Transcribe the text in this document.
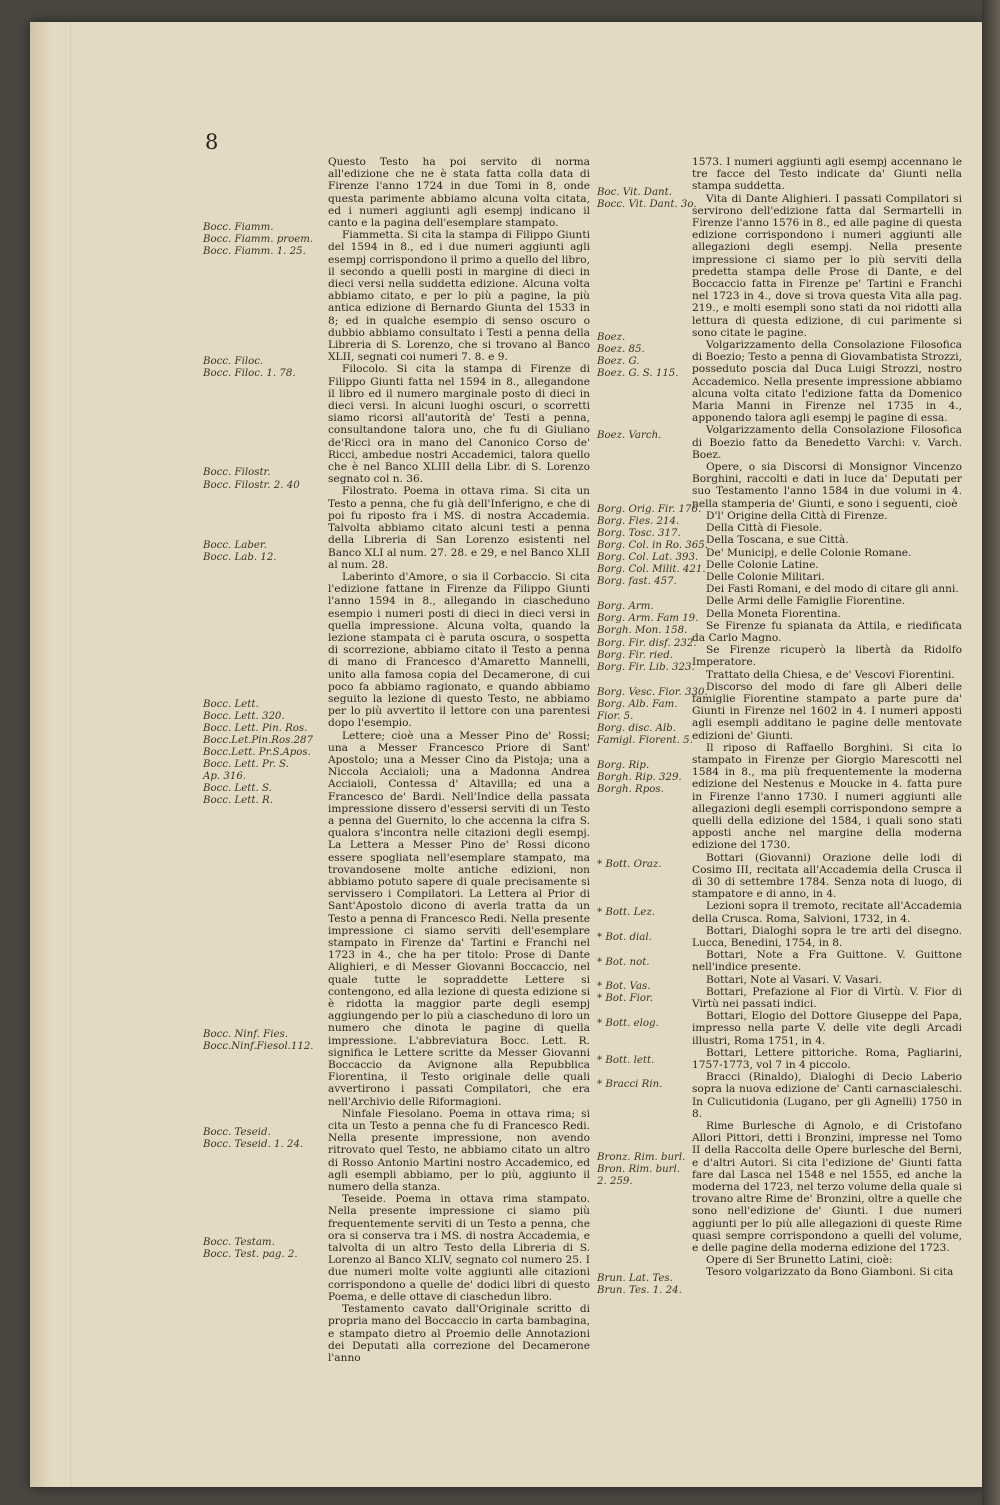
8
Bocc. Fiamm.
Bocc. Fiamm. proem.
Bocc. Fiamm. 1. 25.
Bocc. Filoc.
Bocc. Filoc. 1. 78.
Bocc. Filostr.
Bocc. Filostr. 2. 40
Bocc. Laber.
Bocc. Lab. 12.
Bocc. Lett.
Bocc. Lett. 320.
Bocc. Lett. Pin. Ros.
Bocc.Let.Pin.Ros.287
Bocc.Lett. Pr.S.Apos.
Bocc. Lett. Pr. S.
Ap. 316.
Bocc. Lett. S.
Bocc. Lett. R.
Bocc. Ninf. Fies.
Bocc.Ninf.Fiesol.112.
Bocc. Teseid.
Bocc. Teseid. 1. 24.
Bocc. Testam.
Bocc. Test. pag. 2.
Boc. Vit. Dant.
Bocc. Vit. Dant. 3o.
Boez.
Boez. 85.
Boez. G.
Boez. G. S. 115.
Boez. Varch.
Borg. Orig. Fir. 176.
Borg. Fies. 214.
Borg. Tosc. 317.
Borg. Col. in Ro. 365.
Borg. Col. Lat. 393.
Borg. Col. Milit. 421.
Borg. fast. 457.
Borg. Arm.
Borg. Arm. Fam 19.
Borgh. Mon. 158.
Borg. Fir. disf. 232.
Borg. Fir. ried.
Borg. Fir. Lib. 323.
Borg. Vesc. Fior. 330.
Borg. Alb. Fam.
Fior. 5.
Borg. disc. Alb.
Famigl. Fiorent. 5.
Borg. Rip.
Borgh. Rip. 329.
Borgh. Rpos.
* Bott. Oraz.
* Bott. Lez.
* Bot. dial.
* Bot. not.
* Bot. Vas.
* Bot. Fior.
* Bott. elog.
* Bott. lett.
* Bracci Rin.
Bronz. Rim. burl.
Bron. Rim. burl.
2. 259.
Brun. Lat. Tes.
Brun. Tes. 1. 24.

Questo Testo ha poi servito di norma all'edizione che ne è stata fatta colla data di Firenze l'anno 1724 in due Tomi in 8, onde questa parimente abbiamo alcuna volta citata, ed i numeri aggiunti agli esempj indicano il canto e la pagina dell'esemplare stampato.

Fiammetta. Si cita la stampa di Filippo Giunti del 1594 in 8., ed i due numeri aggiunti agli esempj corrispondono il primo a quello del libro, il secondo a quelli posti in margine di dieci in dieci versi nella suddetta edizione. Alcuna volta abbiamo citato, e per lo più a pagine, la più antica edizione di Bernardo Giunta del 1533 in 8; ed in qualche esempio di senso oscuro o dubbio abbiamo consultato i Testi a penna della Libreria di S. Lorenzo, che si trovano al Banco XLII, segnati coi numeri 7. 8. e 9.

Filocolo. Si cita la stampa di Firenze di Filippo Giunti fatta nel 1594 in 8., allegandone il libro ed il numero marginale posto di dieci in dieci versi. In alcuni luoghi oscuri, o scorretti siamo ricorsi all'autorità de' Testi a penna, consultandone talora uno, che fu di Giuliano de'Ricci ora in mano del Canonico Corso de' Ricci, ambedue nostri Accademici, talora quello che è nel Banco XLIII della Libr. di S. Lorenzo segnato col n. 36.

Filostrato. Poema in ottava rima. Si cita un Testo a penna, che fu già dell'Inferigno, e che di poi fu riposto fra i MS. di nostra Accademia. Talvolta abbiamo citato alcuni testi a penna della Libreria di San Lorenzo esistenti nel Banco XLI al num. 27. 28. e 29, e nel Banco XLII al num. 28.

Laberinto d'Amore, o sia il Corbaccio. Si cita l'edizione fattane in Firenze da Filippo Giunti l'anno 1594 in 8., allegando in ciascheduno esempio i numeri posti di dieci in dieci versi in quella impressione. Alcuna volta, quando la lezione stampata ci è paruta oscura, o sospetta di scorrezione, abbiamo citato il Testo a penna di mano di Francesco d'Amaretto Mannelli, unito alla famosa copia del Decamerone, di cui poco fa abbiamo ragionato, e quando abbiamo seguito la lezione di questo Testo, ne abbiamo per lo più avvertito il lettore con una parentesi dopo l'esempio.

Lettere; cioè una a Messer Pino de' Rossi; una a Messer Francesco Priore di Sant' Apostolo; una a Messer Cino da Pistoja; una a Niccola Acciaioli; una a Madonna Andrea Acciaioli, Contessa d' Altavilla; ed una a Francesco de' Bardi. Nell'Indice della passata impressione dissero d'essersi serviti di un Testo a penna del Guernito, lo che accenna la cifra S. qualora s'incontra nelle citazioni degli esempj. La Lettera a Messer Pino de' Rossi dicono essere spogliata nell'esemplare stampato, ma trovandosene molte antiche edizioni, non abbiamo potuto sapere di quale precisamente si servissero i Compilatori. La Lettera al Prior di Sant'Apostolo dicono di averla tratta da un Testo a penna di Francesco Redi. Nella presente impressione ci siamo serviti dell'esemplare stampato in Firenze da' Tartini e Franchi nel 1723 in 4., che ha per titolo: Prose di Dante Alighieri, e di Messer Giovanni Boccaccio, nel quale tutte le sopraddette Lettere si contengono, ed alla lezione di questa edizione si è ridotta la maggior parte degli esempj aggiungendo per lo più a ciascheduno di loro un numero che dinota le pagine di quella impressione. L'abbreviatura Bocc. Lett. R. significa le Lettere scritte da Messer Giovanni Boccaccio da Avignone alla Repubblica Fiorentina, il Testo originale delle quali avvertirono i passati Compilatori, che era nell'Archivio delle Riformagioni.

Ninfale Fiesolano. Poema in ottava rima; si cita un Testo a penna che fu di Francesco Redi. Nella presente impressione, non avendo ritrovato quel Testo, ne abbiamo citato un altro di Rosso Antonio Martini nostro Accademico, ed agli esempli abbiamo, per lo più, aggiunto il numero della stanza.

Teseide. Poema in ottava rima stampato. Nella presente impressione ci siamo più frequentemente serviti di un Testo a penna, che ora si conserva tra i MS. di nostra Accademia, e talvolta di un altro Testo della Libreria di S. Lorenzo al Banco XLIV, segnato col numero 25. I due numeri molte volte aggiunti alle citazioni corrispondono a quelle de' dodici libri di questo Poema, e delle ottave di ciaschedun libro.

Testamento cavato dall'Originale scritto di propria mano del Boccaccio in carta bambagina, e stampato dietro al Proemio delle Annotazioni dei Deputati alla correzione del Decamerone l'anno

1573. I numeri aggiunti agli esempj accennano le tre facce del Testo indicate da' Giunti nella stampa suddetta.

Vita di Dante Alighieri. I passati Compilatori si servirono dell'edizione fatta dal Sermartelli in Firenze l'anno 1576 in 8., ed alle pagine di questa edizione corrispondono i numeri aggiunti alle allegazioni degli esempj. Nella presente impressione ci siamo per lo più serviti della predetta stampa delle Prose di Dante, e del Boccaccio fatta in Firenze pe' Tartini e Franchi nel 1723 in 4., dove si trova questa Vita alla pag. 219., e molti esempli sono stati da noi ridotti alla lettura di questa edizione, di cui parimente si sono citate le pagine.

Volgarizzamento della Consolazione Filosofica di Boezio; Testo a penna di Giovambatista Strozzi, posseduto poscia dal Duca Luigi Strozzi, nostro Accademico. Nella presente impressione abbiamo alcuna volta citato l'edizione fatta da Domenico Maria Manni in Firenze nel 1735 in 4., apponendo talora agli esempj le pagine di essa.

Volgarizzamento della Consolazione Filosofica di Boezio fatto da Benedetto Varchi: v. Varch. Boez.

Opere, o sia Discorsi di Monsignor Vincenzo Borghini, raccolti e dati in luce da' Deputati per suo Testamento l'anno 1584 in due volumi in 4. nella stamperia de' Giunti, e sono i seguenti, cioè

D'l' Origine della Città di Firenze.

Della Città di Fiesole.

Della Toscana, e sue Città.

De' Municipj, e delle Colonie Romane.

Delle Colonie Latine.

Delle Colonie Militari.

Dei Fasti Romani, e del modo di citare gli anni.

Delle Armi delle Famiglie Fiorentine.

Della Moneta Fiorentina.

Se Firenze fu spianata da Attila, e riedificata da Carlo Magno.

Se Firenze ricuperò la libertà da Ridolfo Imperatore.

Trattato della Chiesa, e de' Vescovi Fiorentini.

Discorso del modo di fare gli Alberi delle famiglie Fiorentine stampato a parte pure da' Giunti in Firenze nel 1602 in 4. I numeri apposti agli esempli additano le pagine delle mentovate edizioni de' Giunti.

Il riposo di Raffaello Borghini. Si cita lo stampato in Firenze per Giorgio Marescotti nel 1584 in 8., ma più frequentemente la moderna edizione del Nestenus e Moucke in 4. fatta pure in Firenze l'anno 1730. I numeri aggiunti alle allegazioni degli esempli corrispondono sempre a quelli della edizione del 1584, i quali sono stati apposti anche nel margine della moderna edizione del 1730.

Bottari (Giovanni) Orazione delle lodi di Cosimo III, recitata all'Accademia della Crusca il dì 30 di settembre 1784. Senza nota di luogo, di stampatore e di anno, in 4.

Lezioni sopra il tremoto, recitate all'Accademia della Crusca. Roma, Salvioni, 1732, in 4.

Bottari, Dialoghi sopra le tre arti del disegno. Lucca, Benedini, 1754, in 8.

Bottari, Note a Fra Guittone. V. Guittone nell'indice presente.

Bottari, Note al Vasari. V. Vasari.

Bottari, Prefazione al Fior di Virtù. V. Fior di Virtù nei passati indici.

Bottari, Elogio del Dottore Giuseppe del Papa, impresso nella parte V. delle vite degli Arcadi illustri, Roma 1751, in 4.

Bottari, Lettere pittoriche. Roma, Pagliarini, 1757-1773, vol 7 in 4 piccolo.

Bracci (Rinaldo), Dialoghi di Decio Laberio sopra la nuova edizione de' Canti carnascialeschi. In Culicutidonia (Lugano, per gli Agnelli) 1750 in 8.

Rime Burlesche di Agnolo, e di Cristofano Allori Pittori, detti i Bronzini, impresse nel Tomo II della Raccolta delle Opere burlesche del Berni, e d'altri Autori. Si cita l'edizione de' Giunti fatta fare dal Lasca nel 1548 e nel 1555, ed anche la moderna del 1723, nel terzo volume della quale si trovano altre Rime de' Bronzini, oltre a quelle che sono nell'edizione de' Giunti. I due numeri aggiunti per lo più alle allegazioni di queste Rime quasi sempre corrispondono a quelli del volume, e delle pagine della moderna edizione del 1723.

Opere di Ser Brunetto Latini, cioè:

Tesoro volgarizzato da Bono Giamboni. Si cita
